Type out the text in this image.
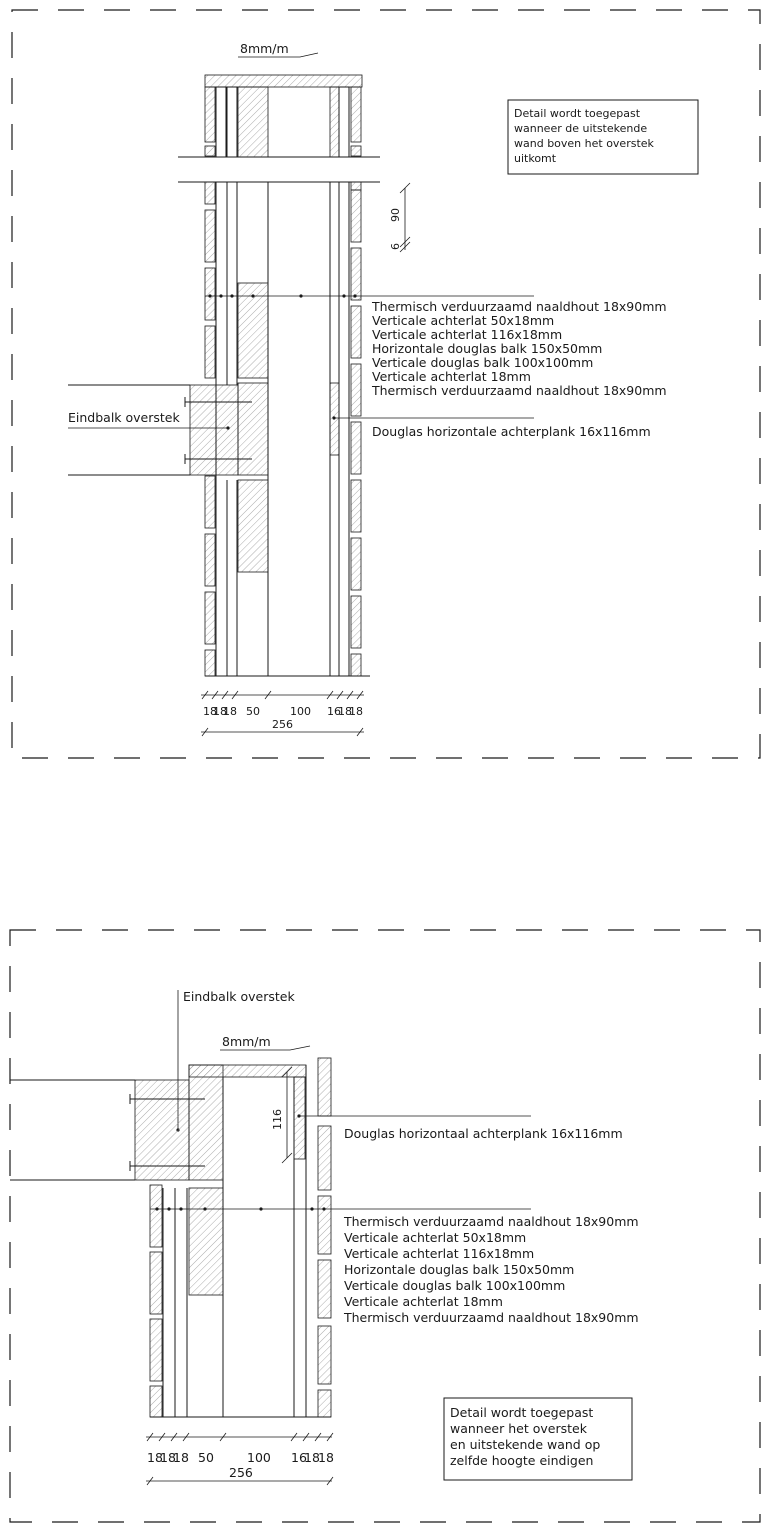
8mm/m
90
6
Detail wordt toegepast
wanneer de uitstekende
wand boven het overstek
uitkomt
Thermisch verduurzaamd naaldhout 18x90mm
Verticale achterlat 50x18mm
Verticale achterlat 116x18mm
Horizontale douglas balk 150x50mm
Verticale douglas balk 100x100mm
Verticale achterlat 18mm
Thermisch verduurzaamd naaldhout 18x90mm
Douglas horizontale achterplank 16x116mm
Eindbalk overstek
18
18
18 50	100 16
18
18
256
Eindbalk overstek
8mm/m
116
Douglas horizontaal achterplank 16x116mm
Thermisch verduurzaamd naaldhout 18x90mm
Verticale achterlat 50x18mm
Verticale achterlat 116x18mm
Horizontale douglas balk 150x50mm
Verticale douglas balk 100x100mm
Verticale achterlat 18mm
Thermisch verduurzaamd naaldhout 18x90mm
Detail wordt toegepast
wanneer het overstek
en uitstekende wand op
zelfde hoogte eindigen
18
18
18 50	100 16
18
18
256
